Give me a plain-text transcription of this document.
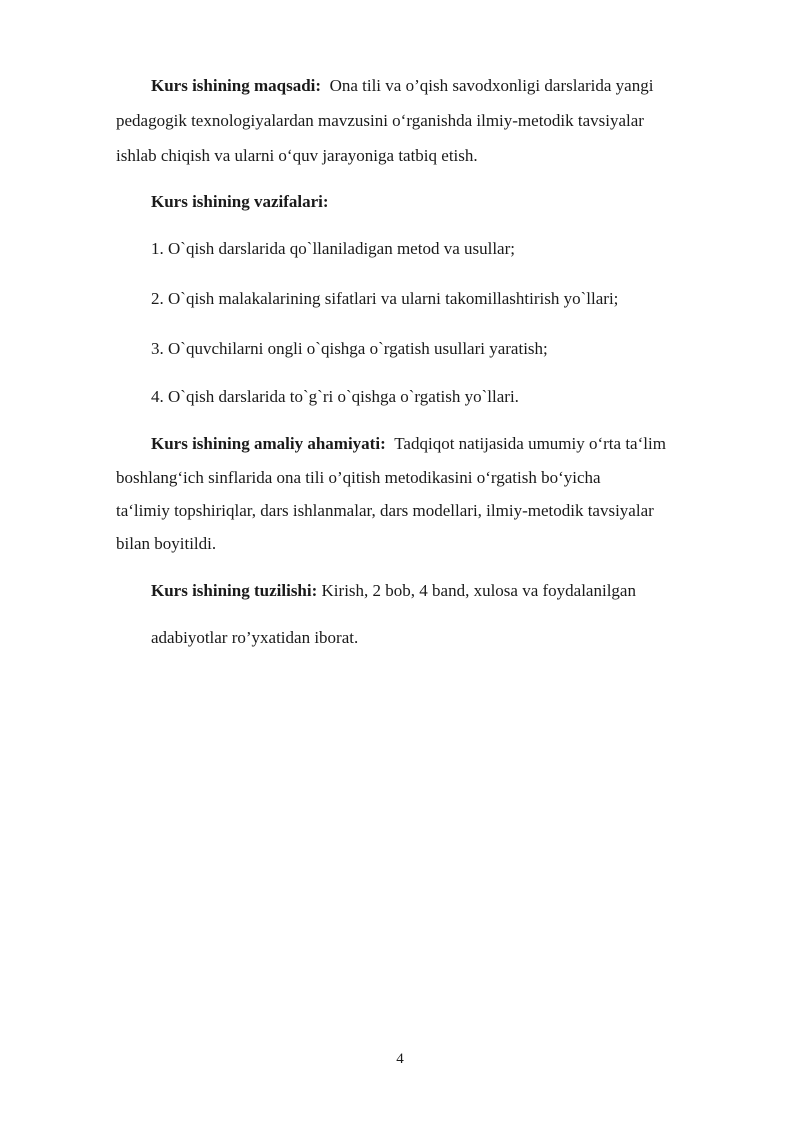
Kurs ishining maqsadi: Ona tili va o’qish savodxonligi darslarida yangi
pedagogik texnologiyalardan mavzusini o‘rganishda ilmiy-metodik tavsiyalar
ishlab chiqish va ularni o‘quv jarayoniga tatbiq etish.
Kurs ishining vazifalari:
1. O`qish darslarida qo`llaniladigan metod va usullar;
2. O`qish malakalarining sifatlari va ularni takomillashtirish yo`llari;
3. O`quvchilarni ongli o`qishga o`rgatish usullari yaratish;
4. O`qish darslarida to`g`ri o`qishga o`rgatish yo`llari.
Kurs ishining amaliy ahamiyati: Tadqiqot natijasida umumiy o‘rta ta‘lim
boshlang‘ich sinflarida ona tili o’qitish metodikasini o‘rgatish bo‘yicha
ta‘limiy topshiriqlar, dars ishlanmalar, dars modellari, ilmiy-metodik tavsiyalar
bilan boyitildi.
Kurs ishining tuzilishi: Kirish, 2 bob, 4 band, xulosa va foydalanilgan
adabiyotlar ro’yxatidan iborat.
4
